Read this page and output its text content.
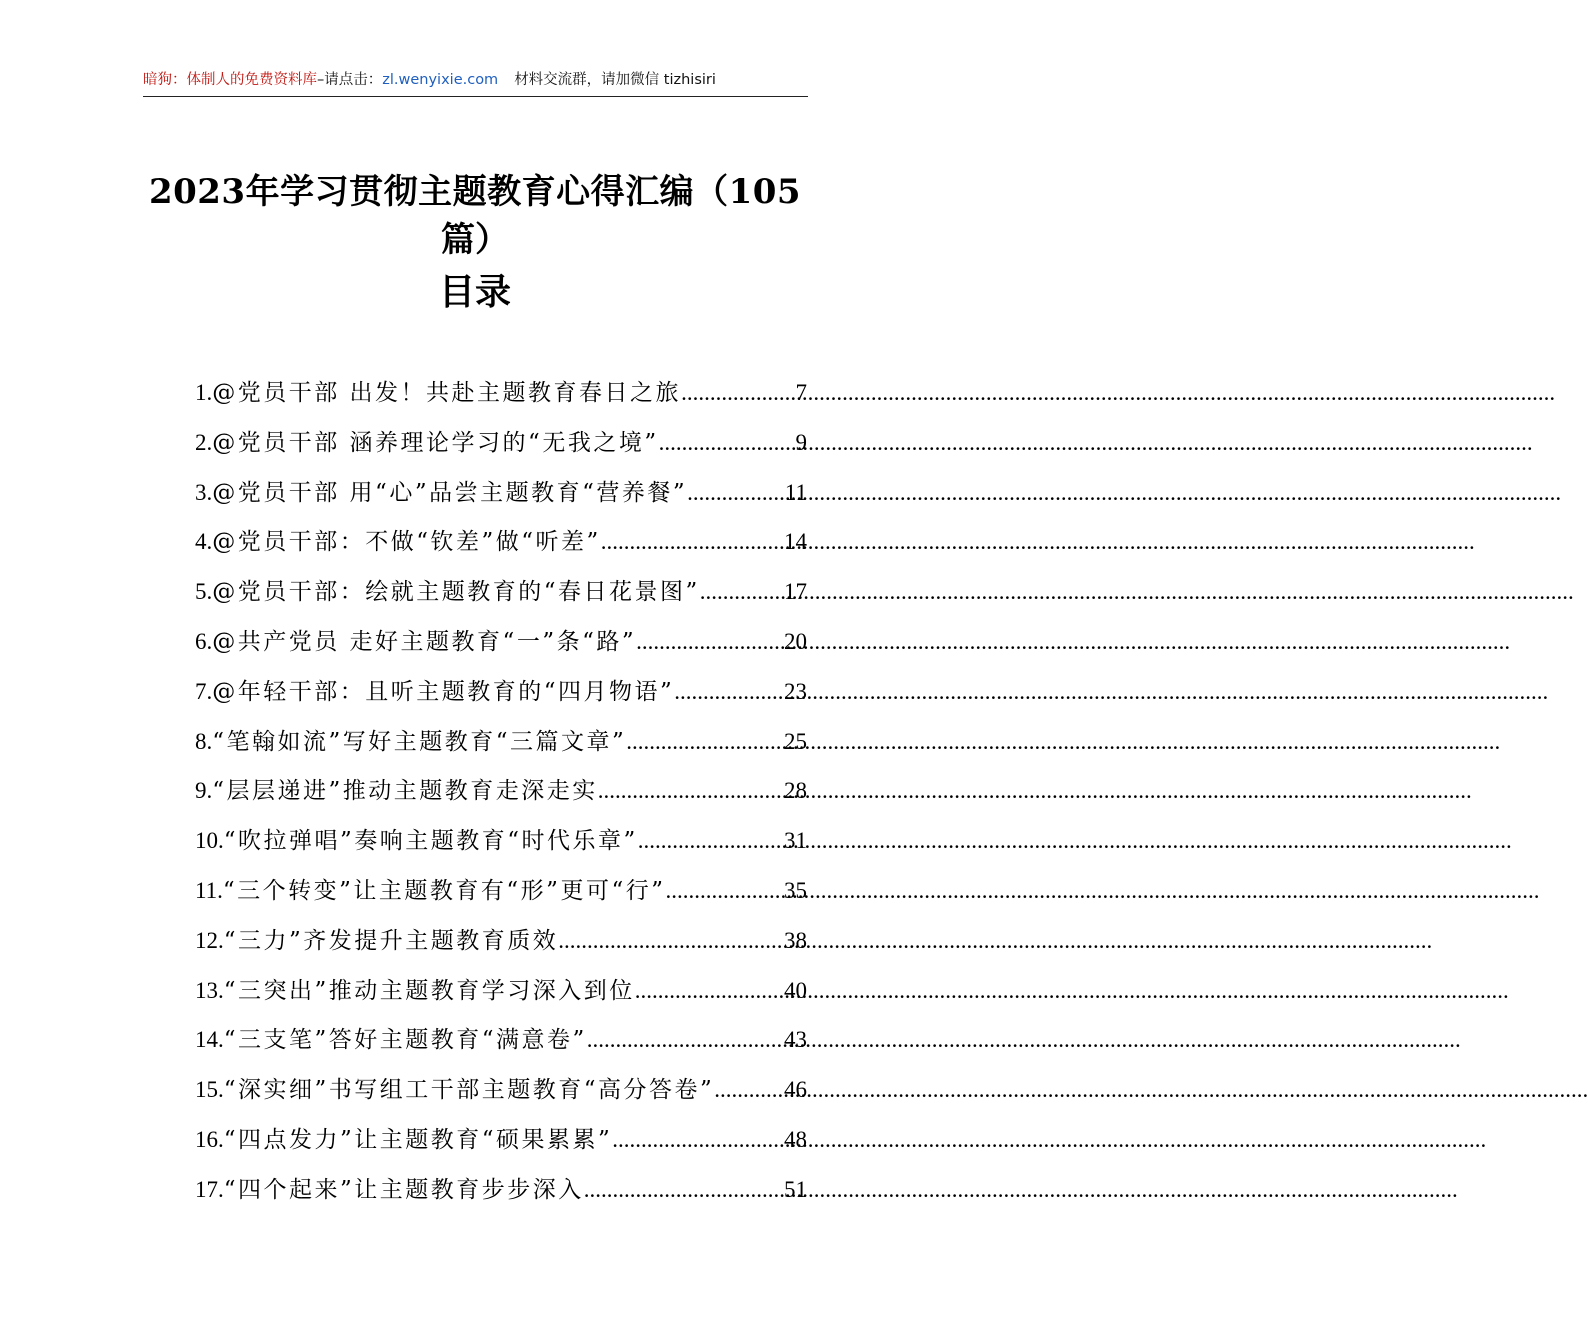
暗狗：体制人的免费资料库–请点击：zl.wenyixie.com 材料交流群，请加微信 tizhisiri
2023年学习贯彻主题教育心得汇编（105
篇）
目录
1. @党员干部 出发！共赴主题教育春日之旅 .....	7
2. @党员干部 涵养理论学习的“无我之境” .....	9
3. @党员干部 用“心”品尝主题教育“营养餐” .....	11
4. @党员干部：不做“钦差”做“听差” .....	14
5. @党员干部：绘就主题教育的“春日花景图” .....	17
6. @共产党员 走好主题教育“一”条“路” .....	20
7. @年轻干部：且听主题教育的“四月物语” .....	23
8. “笔翰如流”写好主题教育“三篇文章” .....	25
9. “层层递进”推动主题教育走深走实 .....	28
10. “吹拉弹唱”奏响主题教育“时代乐章” .....	31
11. “三个转变”让主题教育有“形”更可“行” .....	35
12. “三力”齐发提升主题教育质效 .....	38
13. “三突出”推动主题教育学习深入到位 .....	40
14. “三支笔”答好主题教育“满意卷” .....	43
15. “深实细”书写组工干部主题教育“高分答卷” .....	46
16. “四点发力”让主题教育“硕果累累” .....	48
17. “四个起来”让主题教育步步深入 .....	51
